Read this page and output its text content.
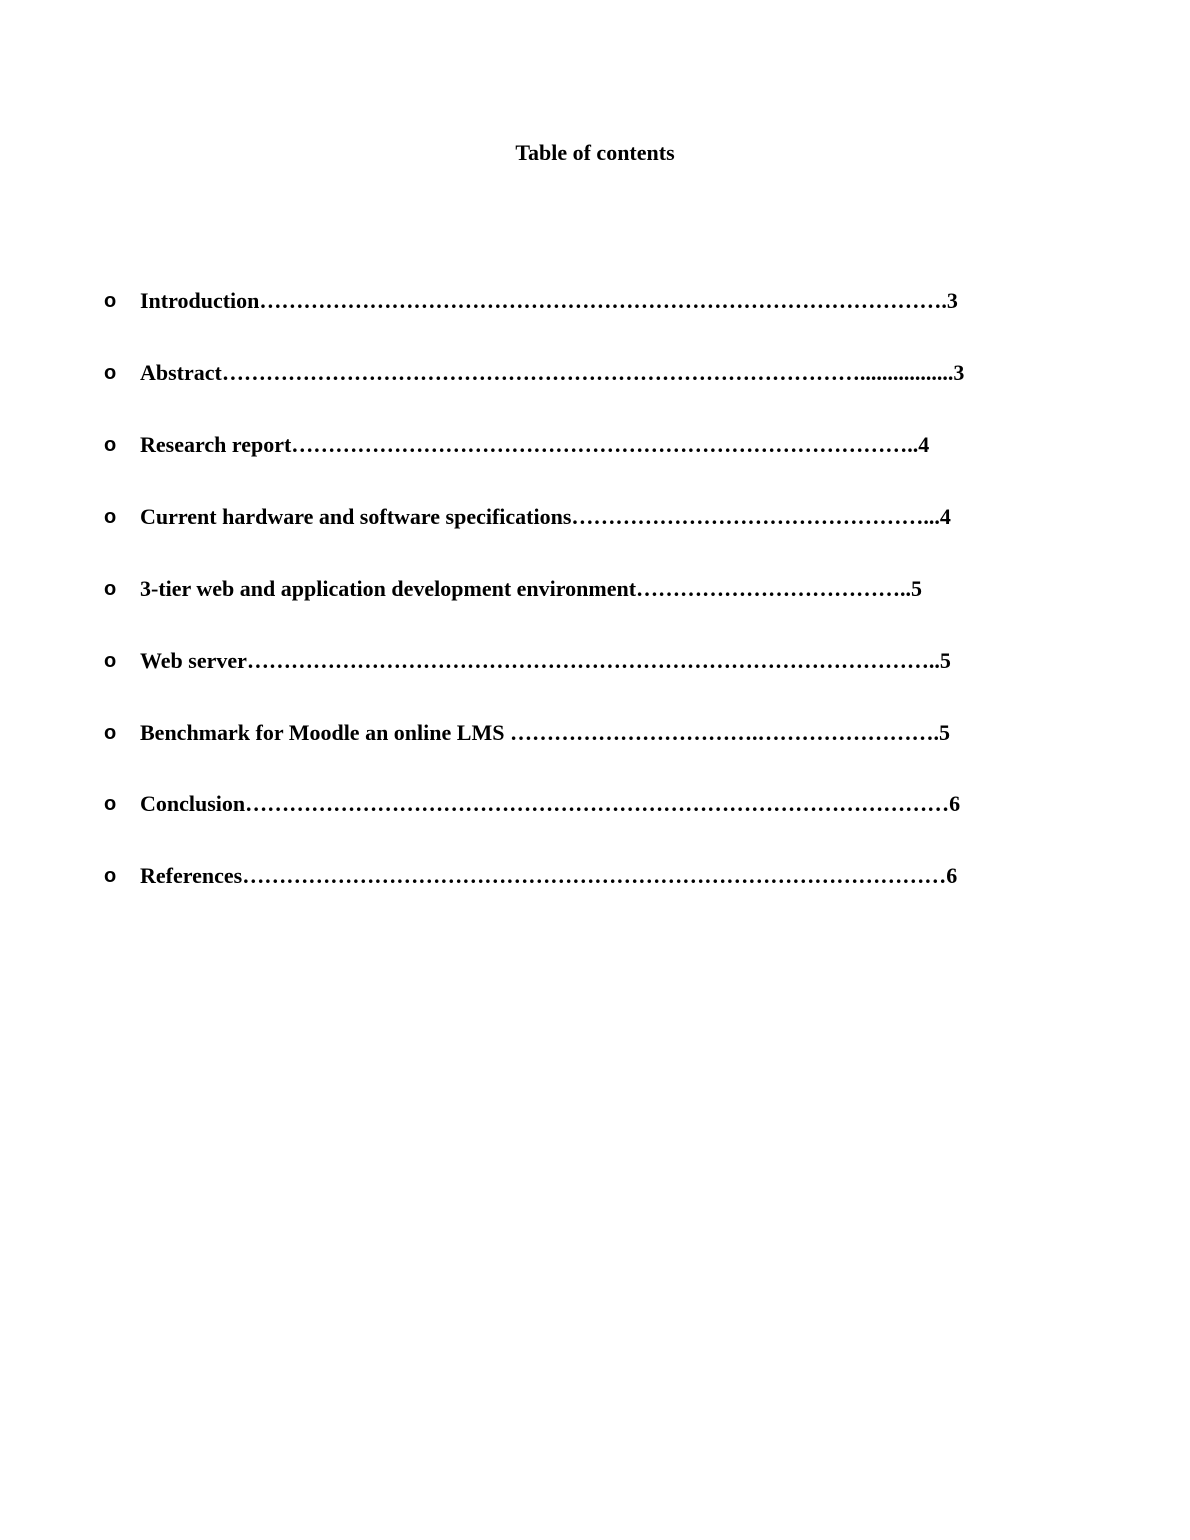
Table of contents
o Introduction………………………………………………………………………………….3
o Abstract…………………………………………………………………………….................3
o Research report…………………………………………………………………………..4
o Current hardware and software specifications…………………………………………...4
o 3-tier web and application development environment………………………………..5
o Web server…………………………………………………………………………………..5
o Benchmark for Moodle an online LMS …………………………….…………………….5
o Conclusion……………………………………………………………………………………6
o References……………………………………………………………………………………6
